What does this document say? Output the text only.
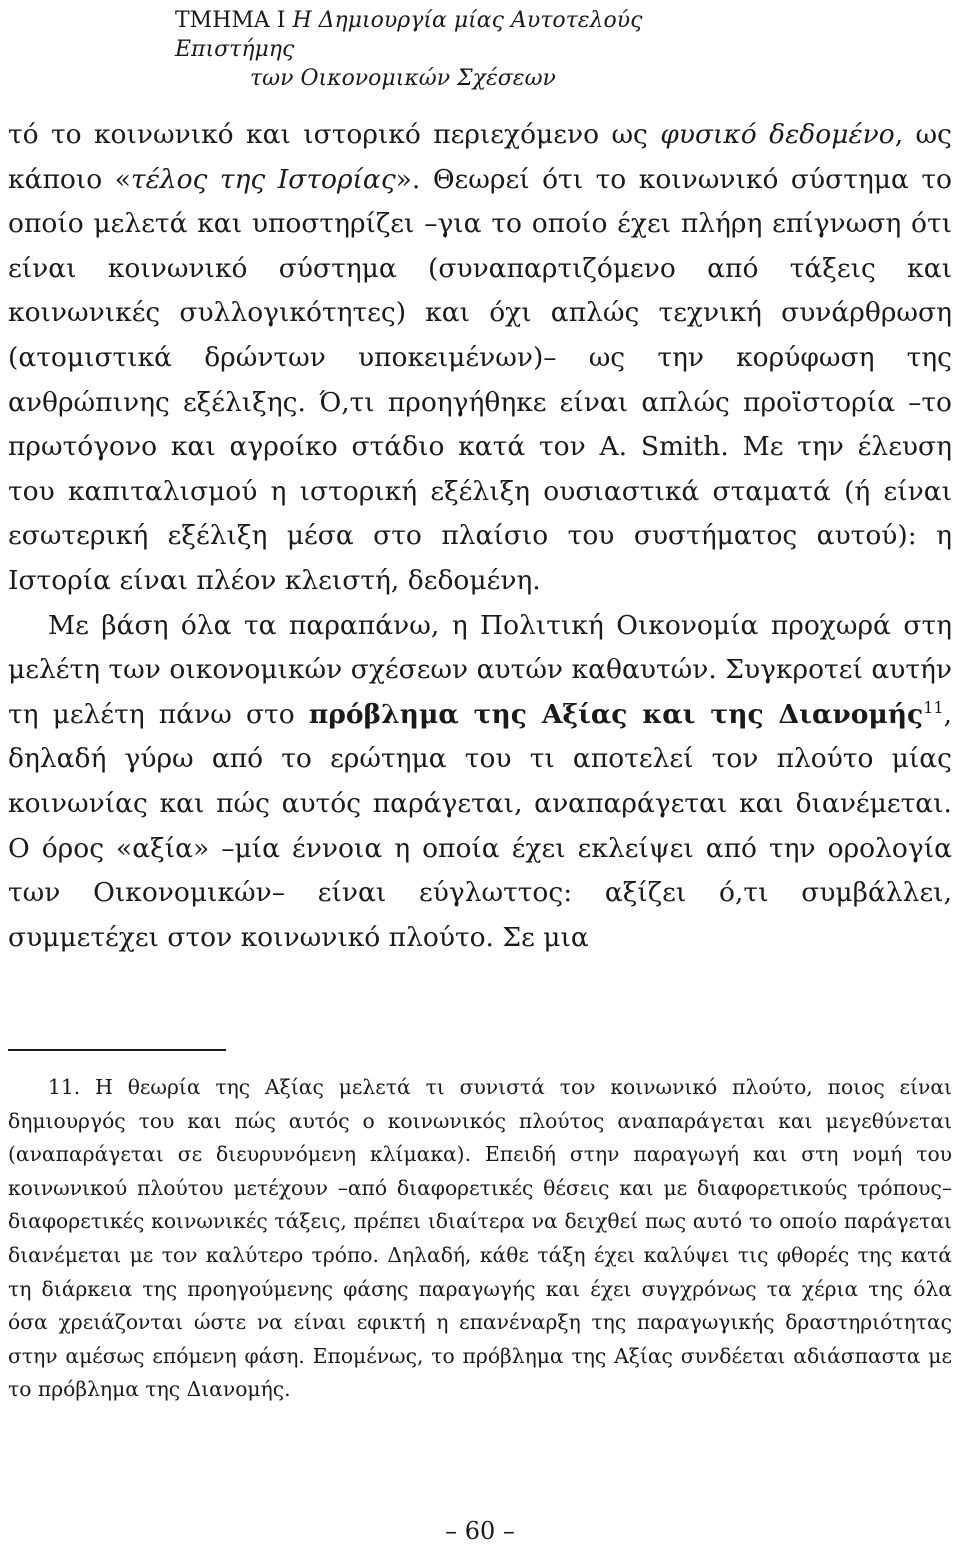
ΤΜΗΜΑ Ι Η Δημιουργία μίας Αυτοτελούς Επιστήμης
των Οικονομικών Σχέσεων

τό το κοινωνικό και ιστορικό περιεχόμενο ως φυσικό δεδομένο, ως κάποιο «τέλος της Ιστορίας». Θεωρεί ότι το κοινωνικό σύστημα το οποίο μελετά και υποστηρίζει –για το οποίο έχει πλήρη επίγνωση ότι είναι κοινωνικό σύστημα (συναπαρτιζόμενο από τάξεις και κοινωνικές συλλογικότητες) και όχι απλώς τεχνική συνάρθρωση (ατομιστικά δρώντων υποκειμένων)– ως την κορύφωση της ανθρώπινης εξέλιξης. Ό,τι προηγήθηκε είναι απλώς προϊστορία –το πρωτόγονο και αγροίκο στάδιο κατά τον A. Smith. Με την έλευση του καπιταλισμού η ιστορική εξέλιξη ουσιαστικά σταματά (ή είναι εσωτερική εξέλιξη μέσα στο πλαίσιο του συστήματος αυτού): η Ιστορία είναι πλέον κλειστή, δεδομένη.

Με βάση όλα τα παραπάνω, η Πολιτική Οικονομία προχωρά στη μελέτη των οικονομικών σχέσεων αυτών καθαυτών. Συγκροτεί αυτήν τη μελέτη πάνω στο πρόβλημα της Αξίας και της Διανομής$^{11}$, δηλαδή γύρω από το ερώτημα του τι αποτελεί τον πλούτο μίας κοινωνίας και πώς αυτός παράγεται, αναπαράγεται και διανέμεται. Ο όρος «αξία» –μία έννοια η οποία έχει εκλείψει από την ορολογία των Οικονομικών– είναι εύγλωττος: αξίζει ό,τι συμβάλλει, συμμετέχει στον κοινωνικό πλούτο. Σε μια

11. Η θεωρία της Αξίας μελετά τι συνιστά τον κοινωνικό πλούτο, ποιος είναι δημιουργός του και πώς αυτός ο κοινωνικός πλούτος αναπαράγεται και μεγεθύνεται (αναπαράγεται σε διευρυνόμενη κλίμακα). Επειδή στην παραγωγή και στη νομή του κοινωνικού πλούτου μετέχουν –από διαφορετικές θέσεις και με διαφορετικούς τρόπους– διαφορετικές κοινωνικές τάξεις, πρέπει ιδιαίτερα να δειχθεί πως αυτό το οποίο παράγεται διανέμεται με τον καλύτερο τρόπο. Δηλαδή, κάθε τάξη έχει καλύψει τις φθορές της κατά τη διάρκεια της προηγούμενης φάσης παραγωγής και έχει συγχρόνως τα χέρια της όλα όσα χρειάζονται ώστε να είναι εφικτή η επανέναρξη της παραγωγικής δραστηριότητας στην αμέσως επόμενη φάση. Επομένως, το πρόβλημα της Αξίας συνδέεται αδιάσπαστα με το πρόβλημα της Διανομής.

– 60 –
